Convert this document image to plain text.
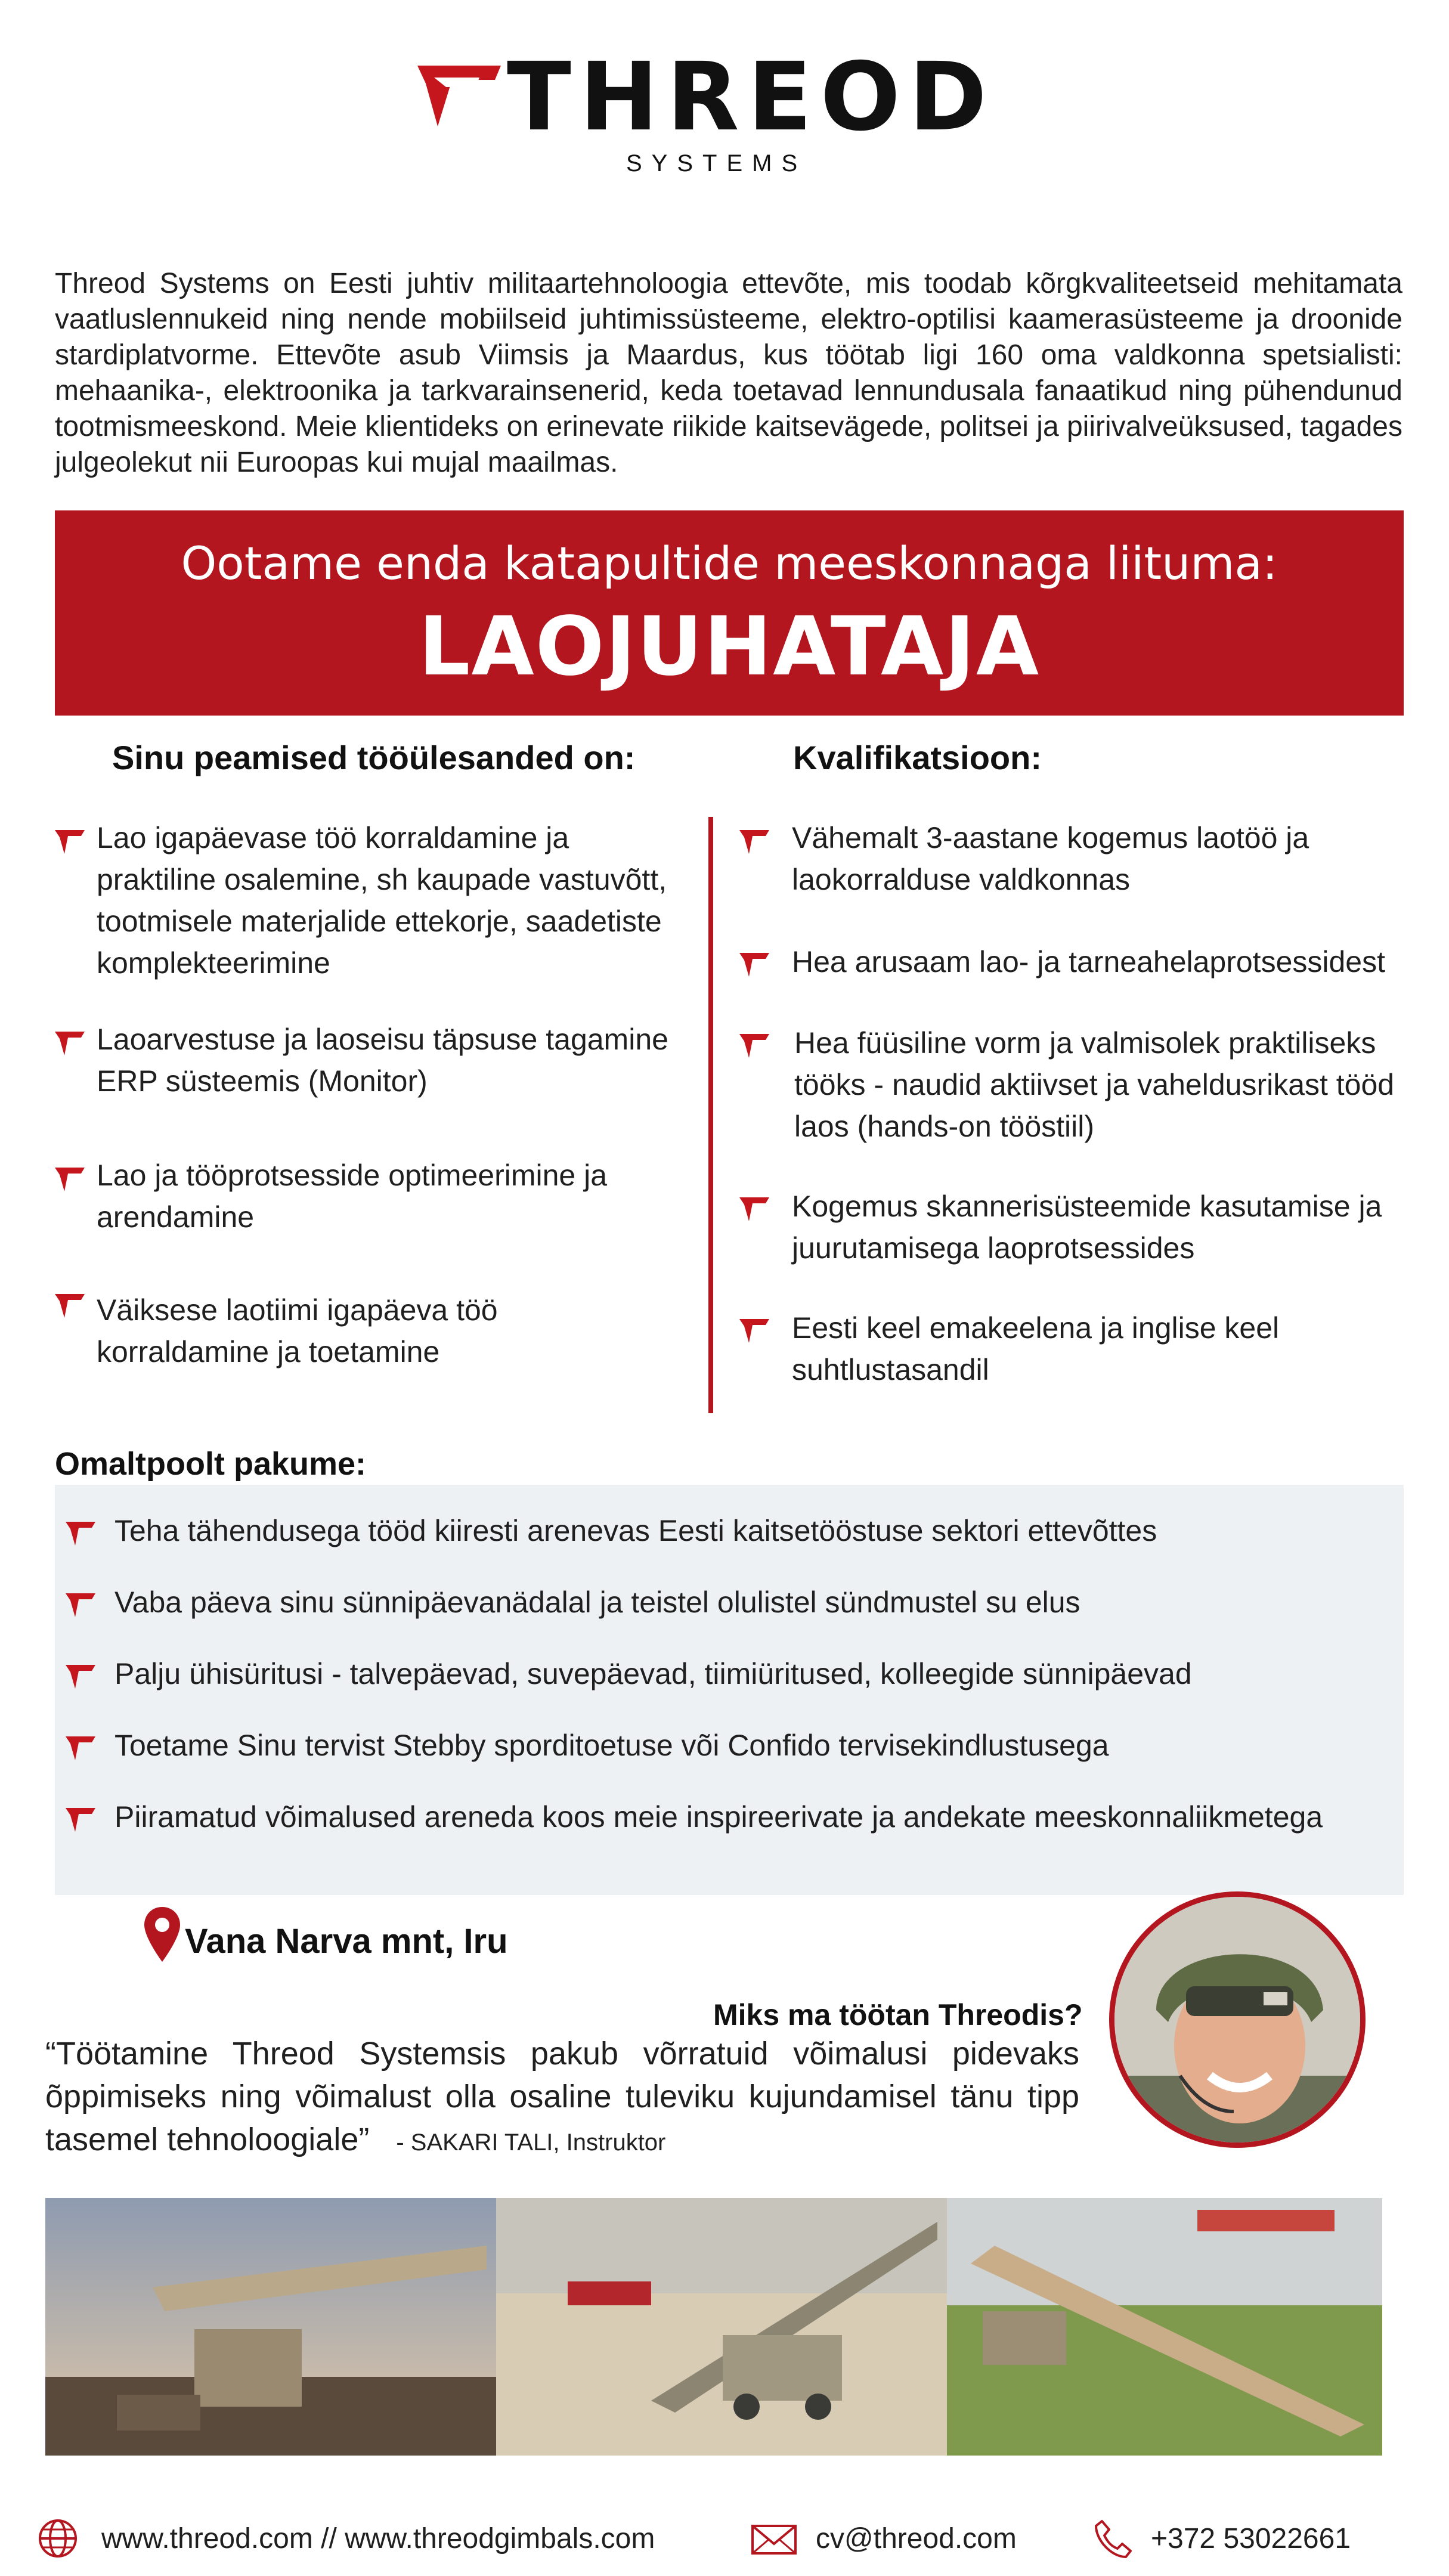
THREOD
SYSTEMS

Threod Systems on Eesti juhtiv militaartehnoloogia ettevõte, mis toodab kõrgkvaliteetseid mehitamata vaatluslennukeid ning nende mobiilseid juhtimissüsteeme, elektro-optilisi kaamerasüsteeme ja droonide stardiplatvorme. Ettevõte asub Viimsis ja Maardus, kus töötab ligi 160 oma valdkonna spetsialisti: mehaanika-, elektroonika ja tarkvarainsenerid, keda toetavad lennundusala fanaatikud ning pühendunud tootmismeeskond. Meie klientideks on erinevate riikide kaitsevägede, politsei ja piirivalveüksused, tagades julgeolekut nii Euroopas kui mujal maailmas.

Ootame enda katapultide meeskonnaga liituma:
LAOJUHATAJA
Sinu peamised tööülesanded on:
Lao igapäevase töö korraldamine ja praktiline osalemine, sh kaupade vastuvõtt, tootmisele materjalide ettekorje, saadetiste komplekteerimine
Laoarvestuse ja laoseisu täpsuse tagamine ERP süsteemis (Monitor)
Lao ja tööprotsesside optimeerimine ja arendamine
Väiksese laotiimi igapäeva töö korraldamine ja toetamine
Kvalifikatsioon:
Vähemalt 3-aastane kogemus laotöö ja laokorralduse valdkonnas
Hea arusaam lao- ja tarneahelaprotsessidest
Hea füüsiline vorm ja valmisolek praktiliseks tööks - naudid aktiivset ja vaheldusrikast tööd laos (hands-on tööstiil)
Kogemus skannerisüsteemide kasutamise ja juurutamisega laoprotsessides
Eesti keel emakeelena ja inglise keel suhtlustasandil
Omaltpoolt pakume:
Teha tähendusega tööd kiiresti arenevas Eesti kaitsetööstuse sektori ettevõttes
Vaba päeva sinu sünnipäevanädalal ja teistel olulistel sündmustel su elus
Palju ühisüritusi - talvepäevad, suvepäevad, tiimiüritused, kolleegide sünnipäevad
Toetame Sinu tervist Stebby sporditoetuse või Confido tervisekindlustusega
Piiramatud võimalused areneda koos meie inspireerivate ja andekate meeskonnaliikmetega
Vana Narva mnt, Iru
Miks ma töötan Threodis?

“Töötamine Threod Systemsis pakub võrratuid võimalusi pidevaks õppimiseks ning võimalust olla osaline tuleviku kujundamisel tänu tipp tasemel tehnoloogiale” - SAKARI TALI, Instruktor

www.threod.com // www.threodgimbals.com	cv@threod.com	+372 53022661
